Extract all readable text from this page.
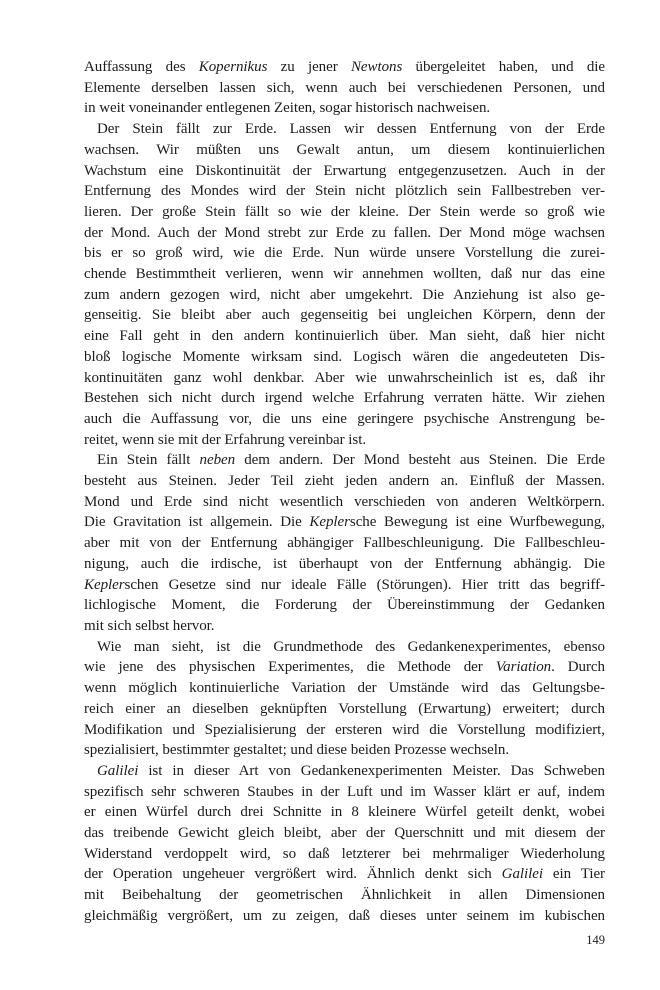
Auffassung des Kopernikus zu jener Newtons übergeleitet haben, und die
Elemente derselben lassen sich, wenn auch bei verschiedenen Personen, und
in weit voneinander entlegenen Zeiten, sogar historisch nachweisen.
Der Stein fällt zur Erde. Lassen wir dessen Entfernung von der Erde
wachsen. Wir müßten uns Gewalt antun, um diesem kontinuierlichen
Wachstum eine Diskontinuität der Erwartung entgegenzusetzen. Auch in der
Entfernung des Mondes wird der Stein nicht plötzlich sein Fallbestreben ver-
lieren. Der große Stein fällt so wie der kleine. Der Stein werde so groß wie
der Mond. Auch der Mond strebt zur Erde zu fallen. Der Mond möge wachsen
bis er so groß wird, wie die Erde. Nun würde unsere Vorstellung die zurei-
chende Bestimmtheit verlieren, wenn wir annehmen wollten, daß nur das eine
zum andern gezogen wird, nicht aber umgekehrt. Die Anziehung ist also ge-
genseitig. Sie bleibt aber auch gegenseitig bei ungleichen Körpern, denn der
eine Fall geht in den andern kontinuierlich über. Man sieht, daß hier nicht
bloß logische Momente wirksam sind. Logisch wären die angedeuteten Dis-
kontinuitäten ganz wohl denkbar. Aber wie unwahrscheinlich ist es, daß ihr
Bestehen sich nicht durch irgend welche Erfahrung verraten hätte. Wir ziehen
auch die Auffassung vor, die uns eine geringere psychische Anstrengung be-
reitet, wenn sie mit der Erfahrung vereinbar ist.
Ein Stein fällt neben dem andern. Der Mond besteht aus Steinen. Die Erde
besteht aus Steinen. Jeder Teil zieht jeden andern an. Einfluß der Massen.
Mond und Erde sind nicht wesentlich verschieden von anderen Weltkörpern.
Die Gravitation ist allgemein. Die Keplersche Bewegung ist eine Wurfbewegung,
aber mit von der Entfernung abhängiger Fallbeschleunigung. Die Fallbeschleu-
nigung, auch die irdische, ist überhaupt von der Entfernung abhängig. Die
Keplerschen Gesetze sind nur ideale Fälle (Störungen). Hier tritt das begriff-
lichlogische Moment, die Forderung der Übereinstimmung der Gedanken
mit sich selbst hervor.
Wie man sieht, ist die Grundmethode des Gedankenexperimentes, ebenso
wie jene des physischen Experimentes, die Methode der Variation. Durch
wenn möglich kontinuierliche Variation der Umstände wird das Geltungsbe-
reich einer an dieselben geknüpften Vorstellung (Erwartung) erweitert; durch
Modifikation und Spezialisierung der ersteren wird die Vorstellung modifiziert,
spezialisiert, bestimmter gestaltet; und diese beiden Prozesse wechseln.
Galilei ist in dieser Art von Gedankenexperimenten Meister. Das Schweben
spezifisch sehr schweren Staubes in der Luft und im Wasser klärt er auf, indem
er einen Würfel durch drei Schnitte in 8 kleinere Würfel geteilt denkt, wobei
das treibende Gewicht gleich bleibt, aber der Querschnitt und mit diesem der
Widerstand verdoppelt wird, so daß letzterer bei mehrmaliger Wiederholung
der Operation ungeheuer vergrößert wird. Ähnlich denkt sich Galilei ein Tier
mit Beibehaltung der geometrischen Ähnlichkeit in allen Dimensionen
gleichmäßig vergrößert, um zu zeigen, daß dieses unter seinem im kubischen
149
